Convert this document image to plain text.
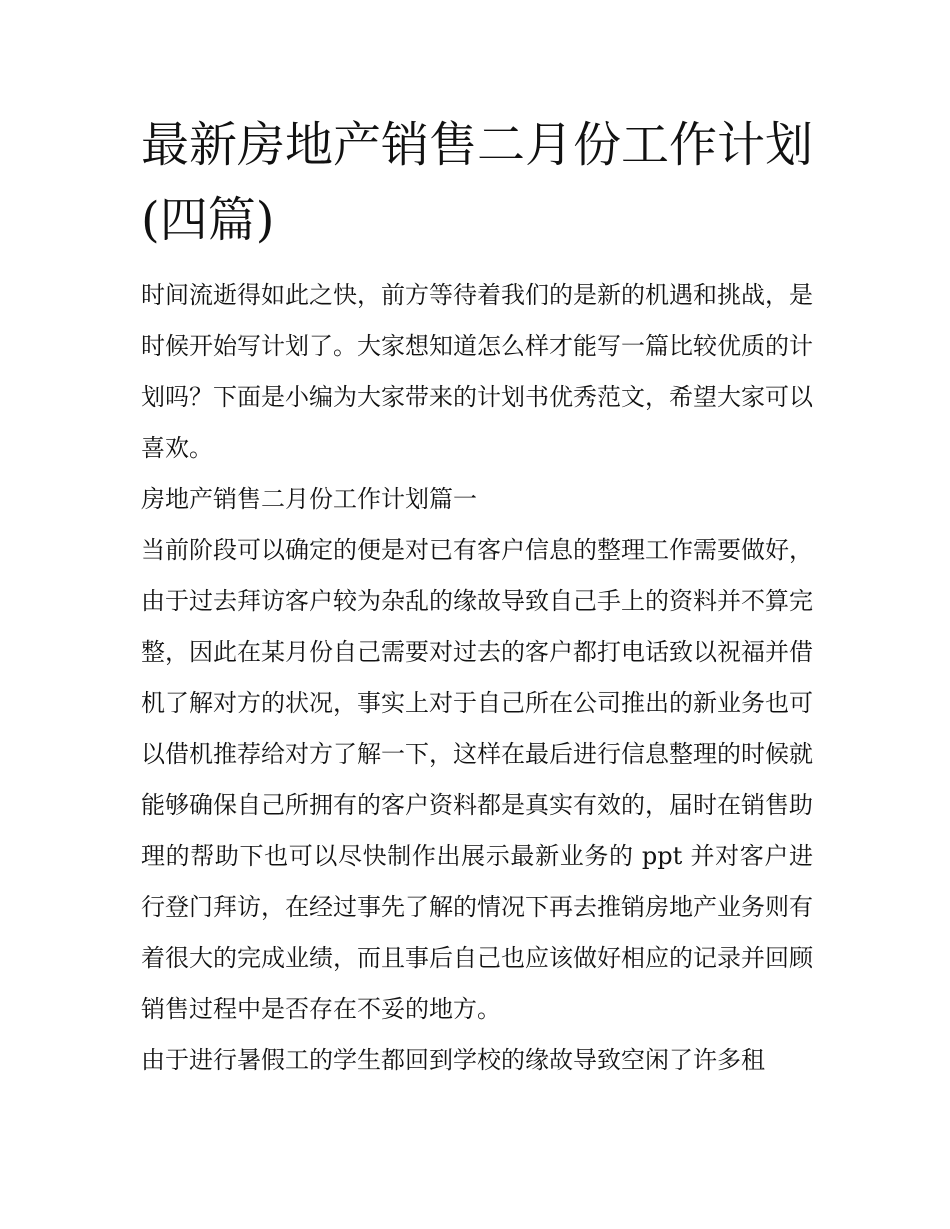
最新房地产销售二月份工作计划(四篇)

时间流逝得如此之快，前方等待着我们的是新的机遇和挑战，是时候开始写计划了。大家想知道怎么样才能写一篇比较优质的计划吗？下面是小编为大家带来的计划书优秀范文，希望大家可以喜欢。

房地产销售二月份工作计划篇一

当前阶段可以确定的便是对已有客户信息的整理工作需要做好，由于过去拜访客户较为杂乱的缘故导致自己手上的资料并不算完整，因此在某月份自己需要对过去的客户都打电话致以祝福并借机了解对方的状况，事实上对于自己所在公司推出的新业务也可以借机推荐给对方了解一下，这样在最后进行信息整理的时候就能够确保自己所拥有的客户资料都是真实有效的，届时在销售助理的帮助下也可以尽快制作出展示最新业务的 ppt 并对客户进行登门拜访，在经过事先了解的情况下再去推销房地产业务则有着很大的完成业绩，而且事后自己也应该做好相应的记录并回顾销售过程中是否存在不妥的地方。

由于进行暑假工的学生都回到学校的缘故导致空闲了许多租
